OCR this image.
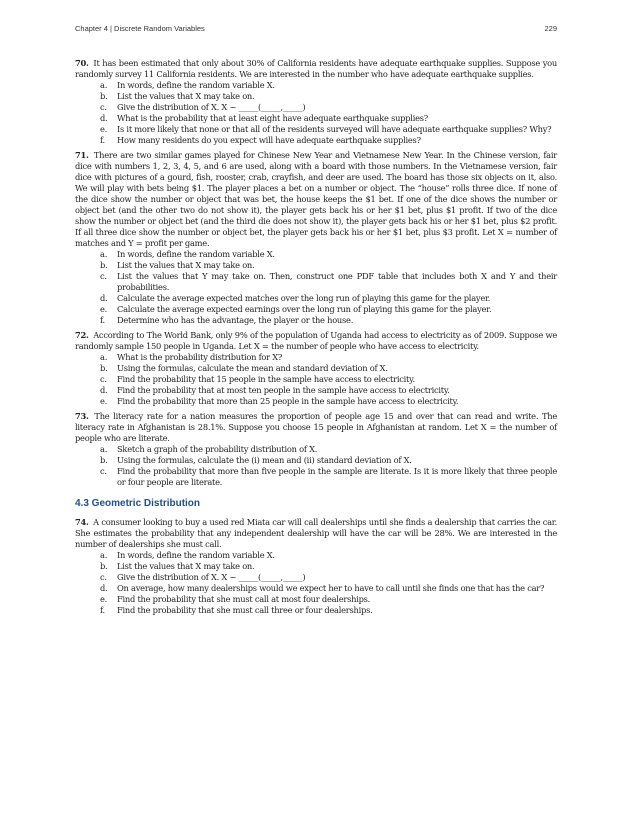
Chapter 4 | Discrete Random Variables	229

70. It has been estimated that only about 30% of California residents have adequate earthquake supplies. Suppose you randomly survey 11 California residents. We are interested in the number who have adequate earthquake supplies.

a. In words, define the random variable X.
b. List the values that X may take on.
c. Give the distribution of X. X ~ _____(_____,_____)
d. What is the probability that at least eight have adequate earthquake supplies?
e. Is it more likely that none or that all of the residents surveyed will have adequate earthquake supplies? Why?
f. How many residents do you expect will have adequate earthquake supplies?

71. There are two similar games played for Chinese New Year and Vietnamese New Year. In the Chinese version, fair dice with numbers 1, 2, 3, 4, 5, and 6 are used, along with a board with those numbers. In the Vietnamese version, fair dice with pictures of a gourd, fish, rooster, crab, crayfish, and deer are used. The board has those six objects on it, also. We will play with bets being $1. The player places a bet on a number or object. The “house” rolls three dice. If none of the dice show the number or object that was bet, the house keeps the $1 bet. If one of the dice shows the number or object bet (and the other two do not show it), the player gets back his or her $1 bet, plus $1 profit. If two of the dice show the number or object bet (and the third die does not show it), the player gets back his or her $1 bet, plus $2 profit. If all three dice show the number or object bet, the player gets back his or her $1 bet, plus $3 profit. Let X = number of matches and Y = profit per game.

a. In words, define the random variable X.
b. List the values that X may take on.
c. List the values that Y may take on. Then, construct one PDF table that includes both X and Y and their probabilities.
d. Calculate the average expected matches over the long run of playing this game for the player.
e. Calculate the average expected earnings over the long run of playing this game for the player.
f. Determine who has the advantage, the player or the house.

72. According to The World Bank, only 9% of the population of Uganda had access to electricity as of 2009. Suppose we randomly sample 150 people in Uganda. Let X = the number of people who have access to electricity.

a. What is the probability distribution for X?
b. Using the formulas, calculate the mean and standard deviation of X.
c. Find the probability that 15 people in the sample have access to electricity.
d. Find the probability that at most ten people in the sample have access to electricity.
e. Find the probability that more than 25 people in the sample have access to electricity.

73. The literacy rate for a nation measures the proportion of people age 15 and over that can read and write. The literacy rate in Afghanistan is 28.1%. Suppose you choose 15 people in Afghanistan at random. Let X = the number of people who are literate.

a. Sketch a graph of the probability distribution of X.
b. Using the formulas, calculate the (i) mean and (ii) standard deviation of X.
c. Find the probability that more than five people in the sample are literate. Is it is more likely that three people or four people are literate.
4.3 Geometric Distribution

74. A consumer looking to buy a used red Miata car will call dealerships until she finds a dealership that carries the car. She estimates the probability that any independent dealership will have the car will be 28%. We are interested in the number of dealerships she must call.

a. In words, define the random variable X.
b. List the values that X may take on.
c. Give the distribution of X. X ~ _____(_____,_____)
d. On average, how many dealerships would we expect her to have to call until she finds one that has the car?
e. Find the probability that she must call at most four dealerships.
f. Find the probability that she must call three or four dealerships.
